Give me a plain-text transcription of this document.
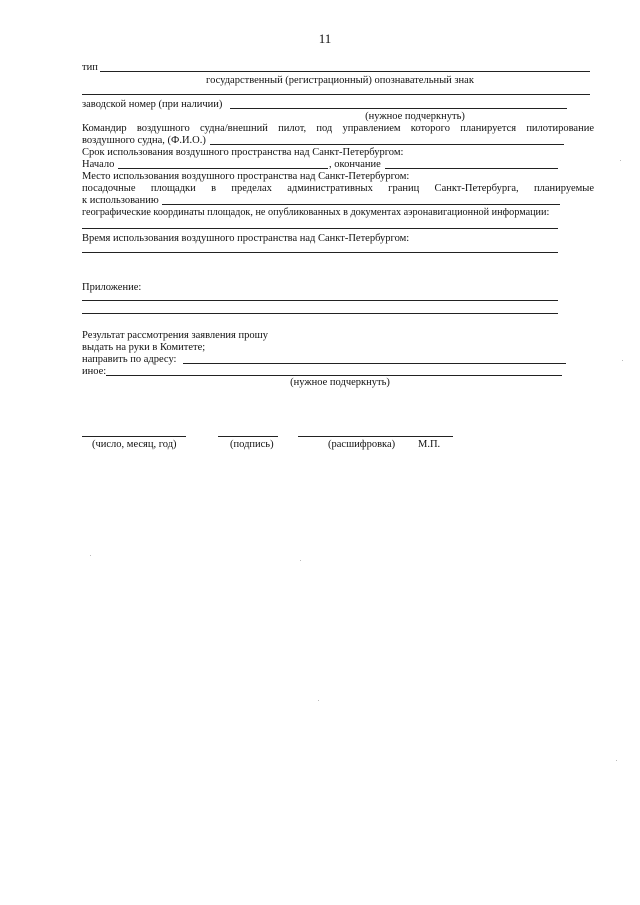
11
тип
государственный (регистрационный) опознавательный знак
заводской номер (при наличии)
(нужное подчеркнуть)
Командир воздушного судна/внешний пилот, под управлением которого планируется пилотирование
воздушного судна, (Ф.И.О.)
Срок использования воздушного пространства над Санкт-Петербургом:
Начало	, окончание
Место использования воздушного пространства над Санкт-Петербургом:
посадочные площадки в пределах административных границ Санкт-Петербурга, планируемые
к использованию
географические координаты площадок, не опубликованных в документах аэронавигационной информации:
Время использования воздушного пространства над Санкт-Петербургом:
Приложение:
Результат рассмотрения заявления прошу
выдать на руки в Комитете;
направить по адресу:
иное:
(нужное подчеркнуть)
(число, месяц, год)	(подпись)	(расшифровка) М.П.
